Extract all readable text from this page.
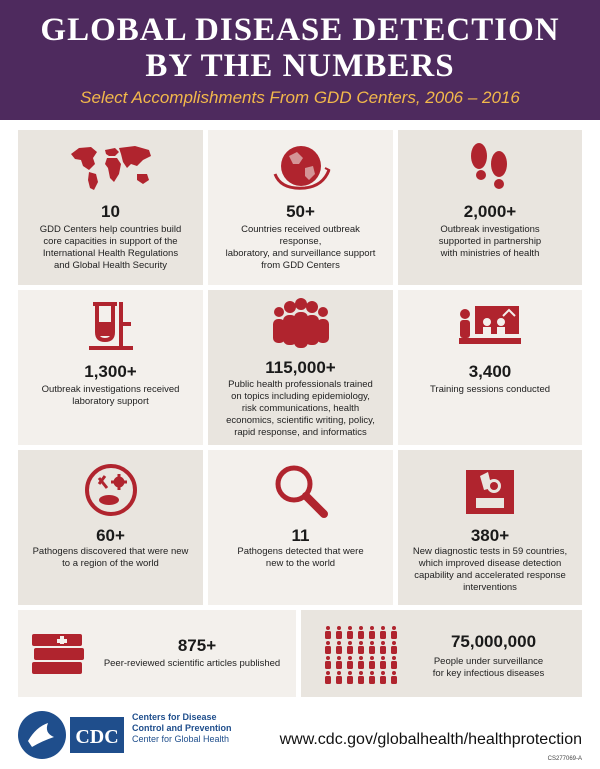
GLOBAL DISEASE DETECTION
BY THE NUMBERS
Select Accomplishments From GDD Centers, 2006 – 2016
10
GDD Centers help countries build
core capacities in support of the
International Health Regulations
and Global Health Security
50+
Countries received outbreak response,
laboratory, and surveillance support
from GDD Centers
2,000+
Outbreak investigations
supported in partnership
with ministries of health
1,300+
Outbreak investigations received
laboratory support
115,000+
Public health professionals trained
on topics including epidemiology,
risk communications, health
economics, scientific writing, policy,
rapid response, and informatics
3,400
Training sessions conducted
60+
Pathogens discovered that were new
to a region of the world
11
Pathogens detected that were
new to the world
380+
New diagnostic tests in 59 countries,
which improved disease detection
capability and accelerated response
interventions
875+
Peer-reviewed scientific articles published
75,000,000
People under surveillance
for key infectious diseases
CDC
Centers for Disease
Control and Prevention
Center for Global Health	www.cdc.gov/globalhealth/healthprotection
CS277069-A
